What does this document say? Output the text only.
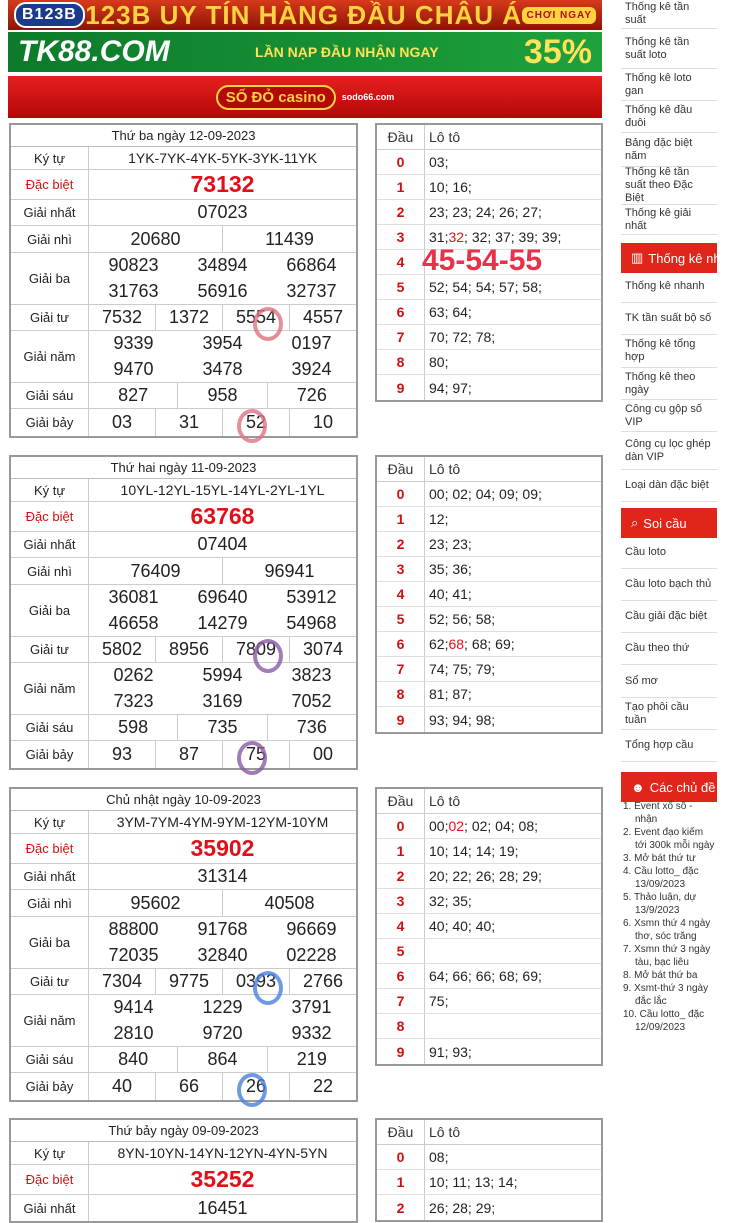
B123B 123B UY TÍN HÀNG ĐẦU CHÂU Á CHƠI NGAY
TK88.COM	LẦN NẠP ĐẦU NHẬN NGAY	35%
SỐ ĐỎ casino	sodo66.com
Thứ ba ngày 12-09-2023
Ký tự	1YK-7YK-4YK-5YK-3YK-11YK
Đặc biệt	73132
Giải nhất	07023
Giải nhì	20680	11439
Giải ba
90823	34894	66864
31763	56916	32737
Giải tư	7532	1372	5554	4557
Giải năm
9339	3954	0197
9470	3478	3924
Giải sáu	827	958	726
Giải bảy	03	31	52	10
Thứ hai ngày 11-09-2023
Ký tự	10YL-12YL-15YL-14YL-2YL-1YL
Đặc biệt	63768
Giải nhất	07404
Giải nhì	76409	96941
Giải ba
36081	69640	53912
46658	14279	54968
Giải tư	5802	8956	7809	3074
Giải năm
0262	5994	3823
7323	3169	7052
Giải sáu	598	735	736
Giải bảy	93	87	75	00
Chủ nhật ngày 10-09-2023
Ký tự	3YM-7YM-4YM-9YM-12YM-10YM
Đặc biệt	35902
Giải nhất	31314
Giải nhì	95602	40508
Giải ba
88800	91768	96669
72035	32840	02228
Giải tư	7304	9775	0393	2766
Giải năm
9414	1229	3791
2810	9720	9332
Giải sáu	840	864	219
Giải bảy	40	66	26	22
Thứ bảy ngày 09-09-2023
Ký tự	8YN-10YN-14YN-12YN-4YN-5YN
Đặc biệt	35252
Giải nhất	16451
Đầu	Lô tô
0	03;
1	10; 16;
2	23; 23; 24; 26; 27;
3	31; 32 ; 32; 37; 39; 39;
4
5	52; 54; 54; 57; 58;
6	63; 64;
7	70; 72; 78;
8	80;
9	94; 97;
Đầu	Lô tô
0	00; 02; 04; 09; 09;
1	12;
2	23; 23;
3	35; 36;
4	40; 41;
5	52; 56; 58;
6	62; 68 ; 68; 69;
7	74; 75; 79;
8	81; 87;
9	93; 94; 98;
Đầu	Lô tô
0	00; 02 ; 02; 04; 08;
1	10; 14; 14; 19;
2	20; 22; 26; 28; 29;
3	32; 35;
4	40; 40; 40;
5
6	64; 66; 66; 68; 69;
7	75;
8
9	91; 93;
Đầu	Lô tô
0	08;
1	10; 11; 13; 14;
2	26; 28; 29;
45-54-55
Thống kê tần suất
Thống kê tần suất loto
Thống kê loto gan
Thống kê đầu đuôi
Bảng đặc biệt năm
Thống kê tần suất theo Đặc Biệt
Thống kê giải nhất
▥ Thống kê nhanh
Thống kê nhanh
TK tần suất bộ số
Thống kê tổng hợp
Thống kê theo ngày
Công cụ gộp số VIP
Công cụ lọc ghép dàn VIP
Loại dàn đặc biệt
⌕ Soi cầu
Cầu loto
Cầu loto bạch thủ
Cầu giải đặc biệt
Cầu theo thứ
Sổ mơ
Tạo phôi cầu tuần
Tổng hợp cầu
☻ Các chủ đề
1. Event xổ số - nhận
2. Event đạo kiếm tới 300k mỗi ngày
3. Mở bát thứ tư
4. Cầu lotto_ đặc 13/09/2023
5. Thảo luận, dự 13/9/2023
6. Xsmn thứ 4 ngày thơ, sóc trăng
7. Xsmn thứ 3 ngày tàu, bạc liêu
8. Mở bát thứ ba
9. Xsmt-thứ 3 ngày đắc lắc
10. Cầu lotto_ đặc 12/09/2023
